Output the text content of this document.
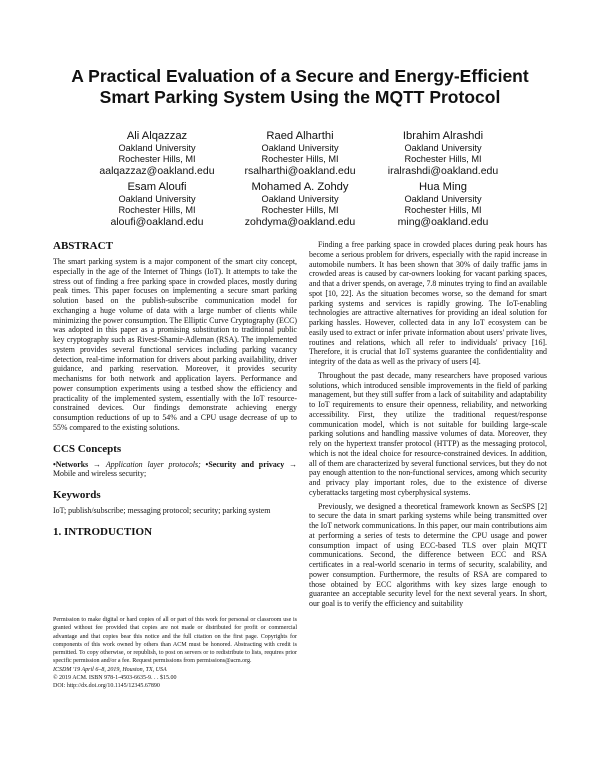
A Practical Evaluation of a Secure and Energy-Efficient
Smart Parking System Using the MQTT Protocol
Ali Alqazzaz
Oakland University
Rochester Hills, MI
aalqazzaz@oakland.edu
Raed Alharthi
Oakland University
Rochester Hills, MI
rsalharthi@oakland.edu
Ibrahim Alrashdi
Oakland University
Rochester Hills, MI
iralrashdi@oakland.edu
Esam Aloufi
Oakland University
Rochester Hills, MI
aloufi@oakland.edu
Mohamed A. Zohdy
Oakland University
Rochester Hills, MI
zohdyma@oakland.edu
Hua Ming
Oakland University
Rochester Hills, MI
ming@oakland.edu
ABSTRACT

The smart parking system is a major component of the smart city concept, especially in the age of the Internet of Things (IoT). It attempts to take the stress out of finding a free parking space in crowded places, mostly during peak times. This paper focuses on implementing a secure smart parking solution based on the publish-subscribe communication model for exchanging a huge volume of data with a large number of clients while minimizing the power consumption. The Elliptic Curve Cryptography (ECC) was adopted in this paper as a promising substitution to traditional public key cryptography such as Rivest-Shamir-Adleman (RSA). The implemented system provides several functional services including parking vacancy detection, real-time information for drivers about parking availability, driver guidance, and parking reservation. Moreover, it provides security mechanisms for both network and application layers. Performance and power consumption experiments using a testbed show the efficiency and practicality of the implemented system, essentially with the IoT resource-constrained devices. Our findings demonstrate achieving energy consumption reductions of up to 54% and a CPU usage decrease of up to 55% compared to the existing solutions.

CCS Concepts

•Networks → Application layer protocols; •Security and privacy → Mobile and wireless security;

Keywords

IoT; publish/subscribe; messaging protocol; security; parking system

1. INTRODUCTION

Permission to make digital or hard copies of all or part of this work for personal or classroom use is granted without fee provided that copies are not made or distributed for profit or commercial advantage and that copies bear this notice and the full citation on the first page. Copyrights for components of this work owned by others than ACM must be honored. Abstracting with credit is permitted. To copy otherwise, or republish, to post on servers or to redistribute to lists, requires prior specific permission and/or a fee. Request permissions from permissions@acm.org.

ICSDM '19 April 6–8, 2019, Houston, TX, USA

© 2019 ACM. ISBN 978-1-4503-6635-9. . . $15.00

DOI: http://dx.doi.org/10.1145/12345.67890

Finding a free parking space in crowded places during peak hours has become a serious problem for drivers, especially with the rapid increase in automobile numbers. It has been shown that 30% of daily traffic jams in crowded areas is caused by car-owners looking for vacant parking spaces, and that a driver spends, on average, 7.8 minutes trying to find an available spot [10, 22]. As the situation becomes worse, so the demand for smart parking systems and services is rapidly growing. The IoT-enabling technologies are attractive alternatives for providing an ideal solution for parking hassles. However, collected data in any IoT ecosystem can be easily used to extract or infer private information about users' private lives, routines and relations, which all refer to individuals' privacy [16]. Therefore, it is crucial that IoT systems guarantee the confidentiality and integrity of the data as well as the privacy of users [4].

Throughout the past decade, many researchers have proposed various solutions, which introduced sensible improvements in the field of parking management, but they still suffer from a lack of suitability and adaptability to IoT requirements to ensure their openness, reliability, and networking accessibility. First, they utilize the traditional request/response communication model, which is not suitable for building large-scale parking solutions and handling massive volumes of data. Moreover, they rely on the hypertext transfer protocol (HTTP) as the messaging protocol, which is not the ideal choice for resource-constrained devices. In addition, all of them are characterized by several functional services, but they do not pay enough attention to the non-functional services, among which security and privacy play important roles, due to the existence of diverse cyberattacks targeting most cyberphysical systems.

Previously, we designed a theoretical framework known as SecSPS [2] to secure the data in smart parking systems while being transmitted over the IoT network communications. In this paper, our main contributions aim at performing a series of tests to determine the CPU usage and power consumption impact of using ECC-based TLS over plain MQTT communications. Second, the difference between ECC and RSA certificates in a real-world scenario in terms of security, scalability, and power consumption. Furthermore, the results of RSA are compared to those obtained by ECC algorithms with key sizes large enough to guarantee an acceptable security level for the next several years. In short, our goal is to verify the efficiency and suitability
